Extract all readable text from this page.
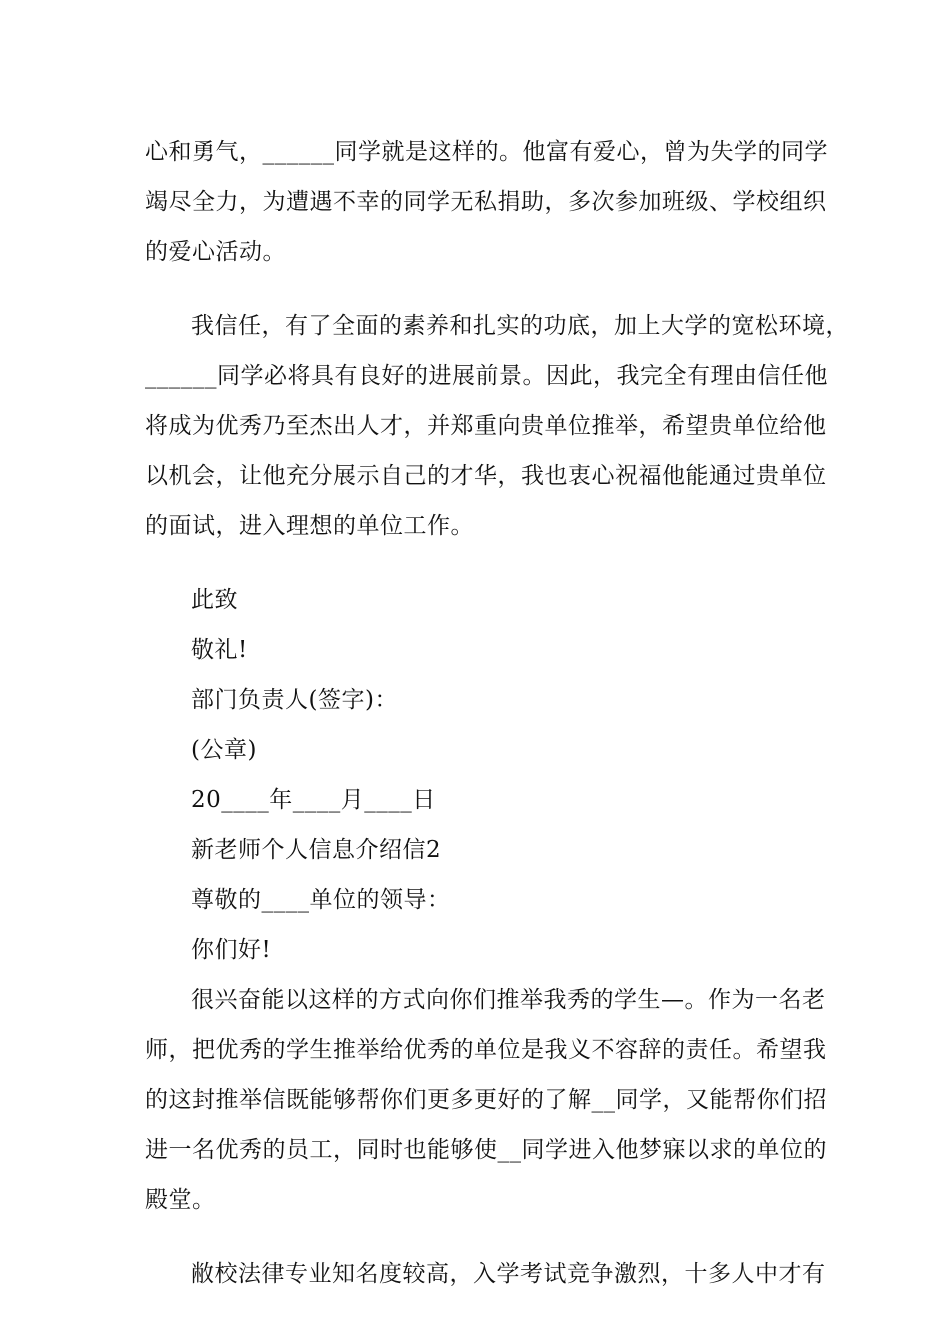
心和勇气，______同学就是这样的。他富有爱心，曾为失学的同学
竭尽全力，为遭遇不幸的同学无私捐助，多次参加班级、学校组织
的爱心活动。
我信任，有了全面的素养和扎实的功底，加上大学的宽松环境，
______同学必将具有良好的进展前景。因此，我完全有理由信任他
将成为优秀乃至杰出人才，并郑重向贵单位推举，希望贵单位给他
以机会，让他充分展示自己的才华，我也衷心祝福他能通过贵单位
的面试，进入理想的单位工作。
此致
敬礼!
部门负责人(签字)：
(公章)
20____年____月____日
新老师个人信息介绍信2
尊敬的____单位的领导：
你们好!
很兴奋能以这样的方式向你们推举我秀的学生—。作为一名老
师，把优秀的学生推举给优秀的单位是我义不容辞的责任。希望我
的这封推举信既能够帮你们更多更好的了解__同学，又能帮你们招
进一名优秀的员工，同时也能够使__同学进入他梦寐以求的单位的
殿堂。
敝校法律专业知名度较高，入学考试竞争激烈，十多人中才有
